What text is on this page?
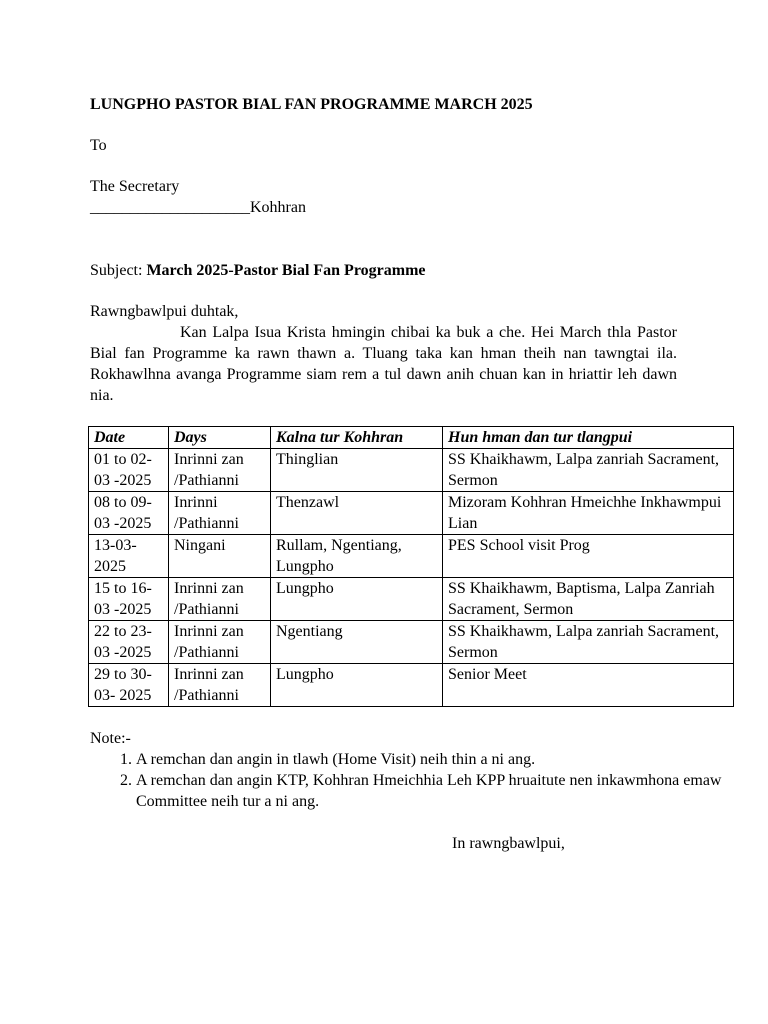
LUNGPHO PASTOR BIAL FAN PROGRAMME MARCH 2025

To

The Secretary

____________________Kohhran

Subject: March 2025-Pastor Bial Fan Programme

Rawngbawlpui duhtak,

Kan Lalpa Isua Krista hmingin chibai ka buk a che. Hei March thla Pastor Bial fan Programme ka rawn thawn a. Tluang taka kan hman theih nan tawngtai ila. Rokhawlhna avanga Programme siam rem a tul dawn anih chuan kan in hriattir leh dawn nia.

Date	Days	Kalna tur Kohhran	Hun hman dan tur tlangpui
01 to 02-03 -2025	Inrinni zan /Pathianni	Thinglian	SS Khaikhawm, Lalpa zanriah Sacrament, Sermon
08 to 09-03 -2025	Inrinni /Pathianni	Thenzawl	Mizoram Kohhran Hmeichhe Inkhawmpui Lian
13-03-2025	Ningani	Rullam, Ngentiang, Lungpho	PES School visit Prog
15 to 16-03 -2025	Inrinni zan /Pathianni	Lungpho	SS Khaikhawm, Baptisma, Lalpa Zanriah Sacrament, Sermon
22 to 23-03 -2025	Inrinni zan /Pathianni	Ngentiang	SS Khaikhawm, Lalpa zanriah Sacrament, Sermon
29 to 30-03- 2025	Inrinni zan /Pathianni	Lungpho	Senior Meet

Note:-

1. A remchan dan angin in tlawh (Home Visit) neih thin a ni ang.
2. A remchan dan angin KTP, Kohhran Hmeichhia Leh KPP hruaitute nen inkawmhona emaw Committee neih tur a ni ang.

In rawngbawlpui,
